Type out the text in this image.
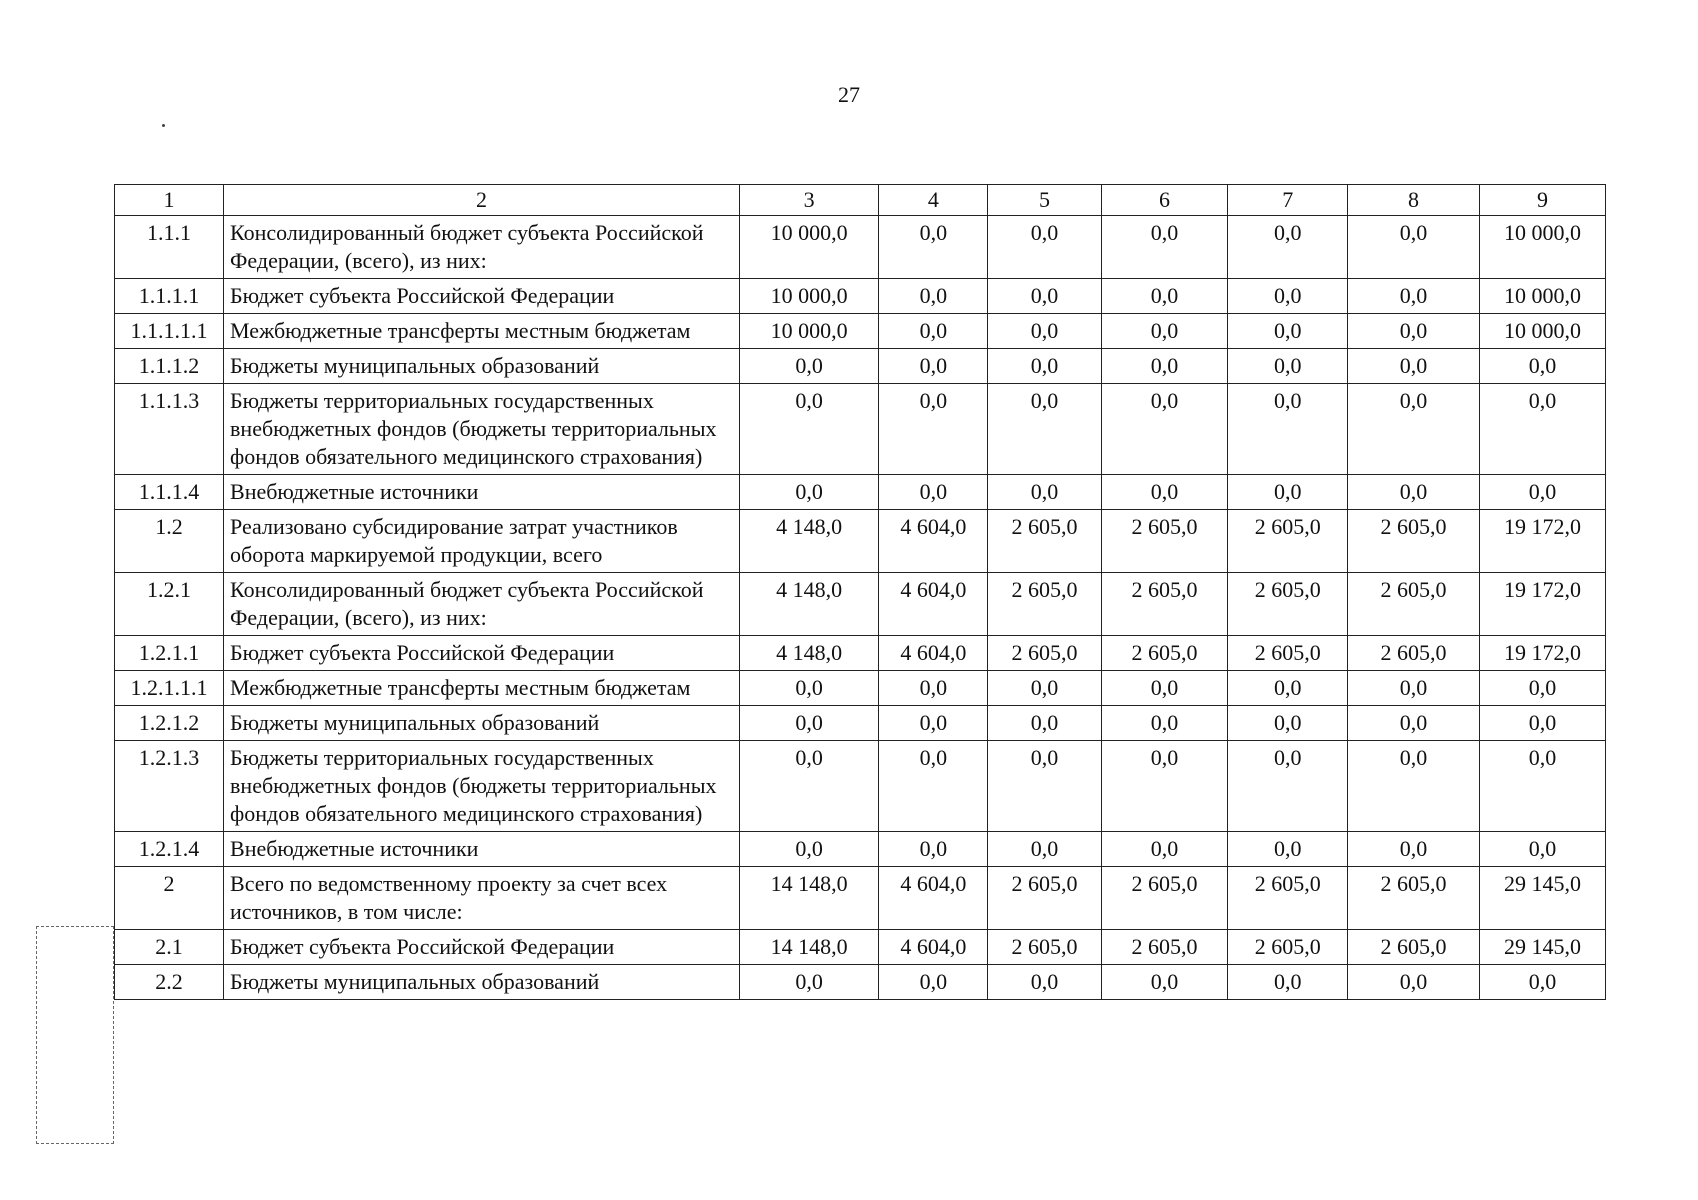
27
1	2	3	4	5	6	7	8	9
1.1.1	Консолидированный бюджет субъекта Российской Федерации, (всего), из них:	10 000,0	0,0	0,0	0,0	0,0	0,0	10 000,0
1.1.1.1	Бюджет субъекта Российской Федерации	10 000,0	0,0	0,0	0,0	0,0	0,0	10 000,0
1.1.1.1.1	Межбюджетные трансферты местным бюджетам	10 000,0	0,0	0,0	0,0	0,0	0,0	10 000,0
1.1.1.2	Бюджеты муниципальных образований	0,0	0,0	0,0	0,0	0,0	0,0	0,0
1.1.1.3	Бюджеты территориальных государственных внебюджетных фондов (бюджеты территориальных фондов обязательного медицинского страхования)	0,0	0,0	0,0	0,0	0,0	0,0	0,0
1.1.1.4	Внебюджетные источники	0,0	0,0	0,0	0,0	0,0	0,0	0,0
1.2	Реализовано субсидирование затрат участников оборота маркируемой продукции, всего	4 148,0	4 604,0	2 605,0	2 605,0	2 605,0	2 605,0	19 172,0
1.2.1	Консолидированный бюджет субъекта Российской Федерации, (всего), из них:	4 148,0	4 604,0	2 605,0	2 605,0	2 605,0	2 605,0	19 172,0
1.2.1.1	Бюджет субъекта Российской Федерации	4 148,0	4 604,0	2 605,0	2 605,0	2 605,0	2 605,0	19 172,0
1.2.1.1.1	Межбюджетные трансферты местным бюджетам	0,0	0,0	0,0	0,0	0,0	0,0	0,0
1.2.1.2	Бюджеты муниципальных образований	0,0	0,0	0,0	0,0	0,0	0,0	0,0
1.2.1.3	Бюджеты территориальных государственных внебюджетных фондов (бюджеты территориальных фондов обязательного медицинского страхования)	0,0	0,0	0,0	0,0	0,0	0,0	0,0
1.2.1.4	Внебюджетные источники	0,0	0,0	0,0	0,0	0,0	0,0	0,0
2	Всего по ведомственному проекту за счет всех источников, в том числе:	14 148,0	4 604,0	2 605,0	2 605,0	2 605,0	2 605,0	29 145,0
2.1	Бюджет субъекта Российской Федерации	14 148,0	4 604,0	2 605,0	2 605,0	2 605,0	2 605,0	29 145,0
2.2	Бюджеты муниципальных образований	0,0	0,0	0,0	0,0	0,0	0,0	0,0
